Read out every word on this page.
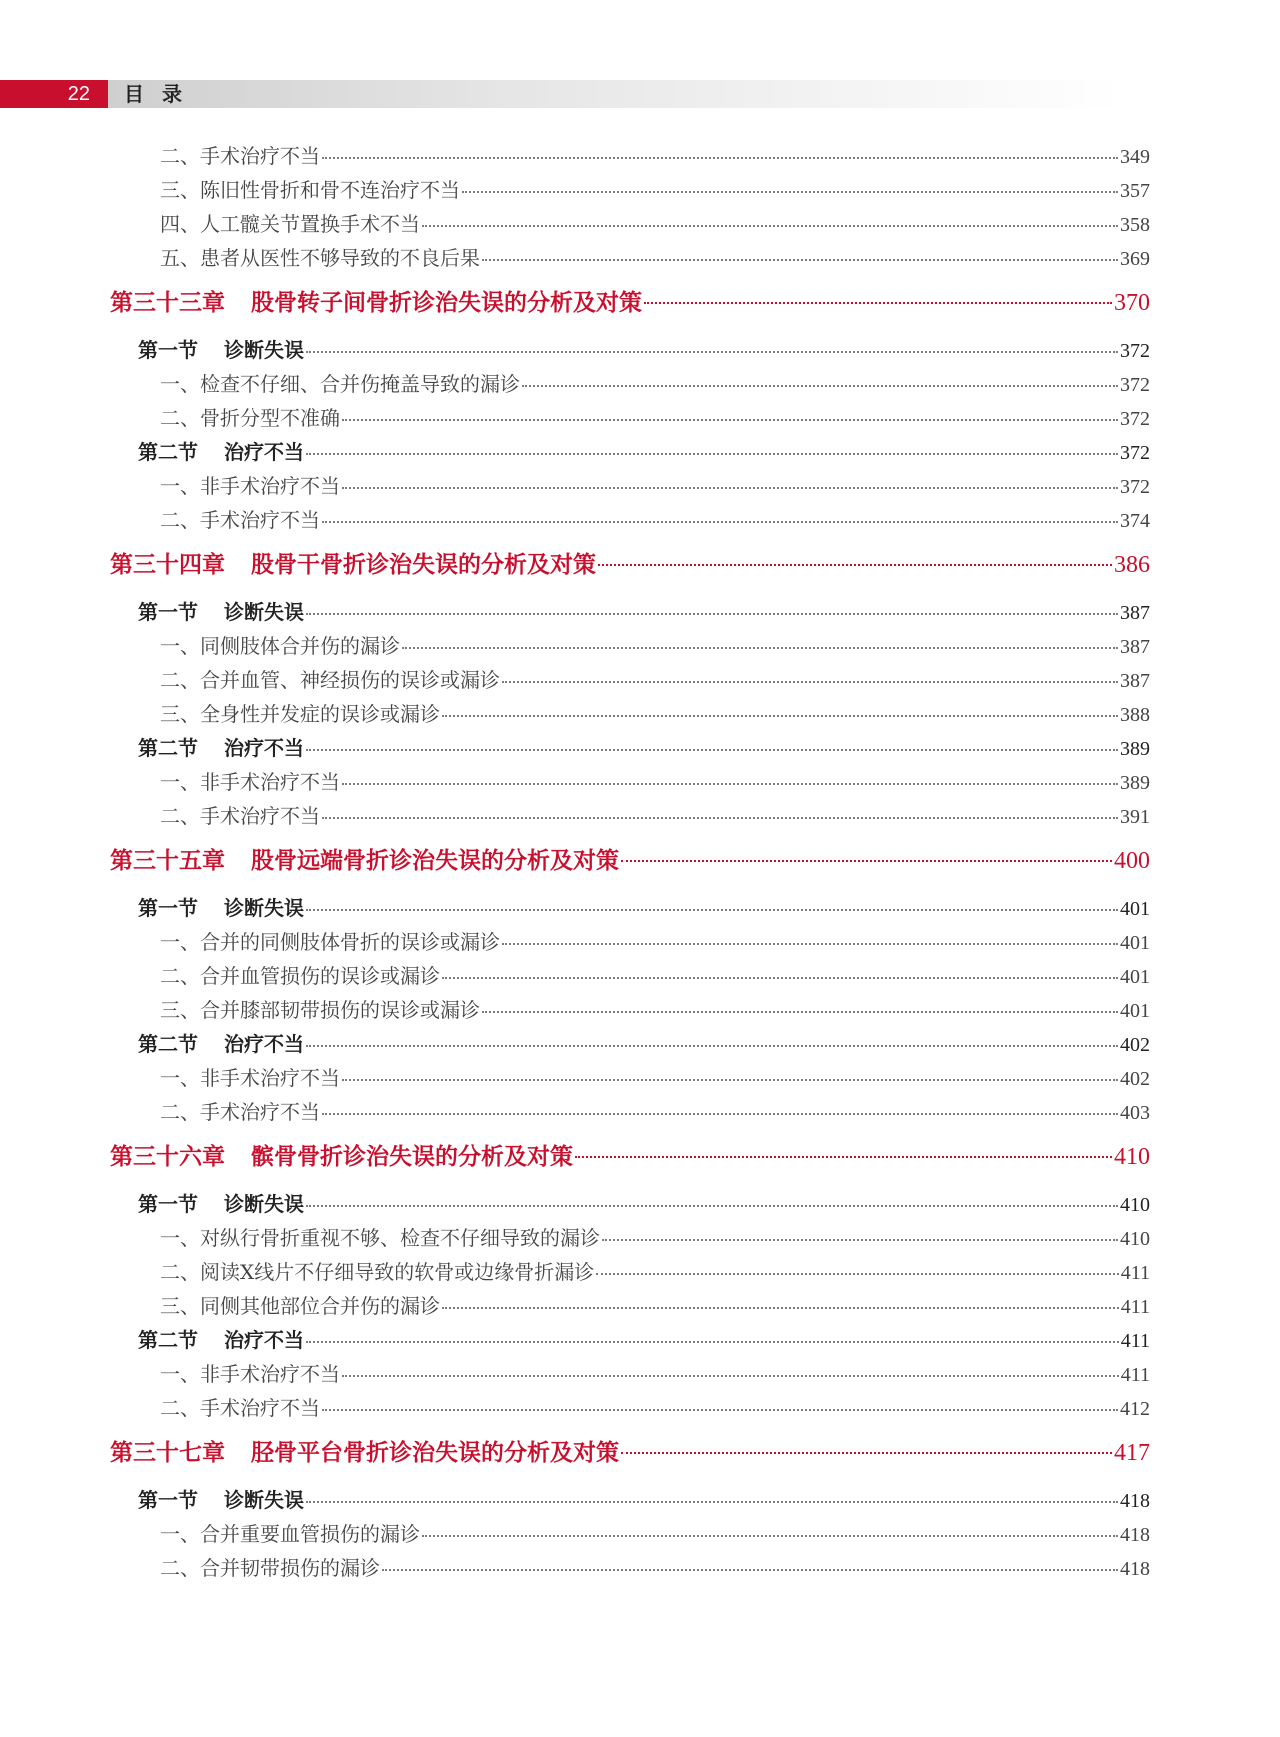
22	目录
二、手术治疗不当	349
三、陈旧性骨折和骨不连治疗不当	357
四、人工髋关节置换手术不当	358
五、患者从医性不够导致的不良后果	369
第三十三章 股骨转子间骨折诊治失误的分析及对策	370
第一节 诊断失误	372
一、检查不仔细、合并伤掩盖导致的漏诊	372
二、骨折分型不准确	372
第二节 治疗不当	372
一、非手术治疗不当	372
二、手术治疗不当	374
第三十四章 股骨干骨折诊治失误的分析及对策	386
第一节 诊断失误	387
一、同侧肢体合并伤的漏诊	387
二、合并血管、神经损伤的误诊或漏诊	387
三、全身性并发症的误诊或漏诊	388
第二节 治疗不当	389
一、非手术治疗不当	389
二、手术治疗不当	391
第三十五章 股骨远端骨折诊治失误的分析及对策	400
第一节 诊断失误	401
一、合并的同侧肢体骨折的误诊或漏诊	401
二、合并血管损伤的误诊或漏诊	401
三、合并膝部韧带损伤的误诊或漏诊	401
第二节 治疗不当	402
一、非手术治疗不当	402
二、手术治疗不当	403
第三十六章 髌骨骨折诊治失误的分析及对策	410
第一节 诊断失误	410
一、对纵行骨折重视不够、检查不仔细导致的漏诊	410
二、阅读X线片不仔细导致的软骨或边缘骨折漏诊	411
三、同侧其他部位合并伤的漏诊	411
第二节 治疗不当	411
一、非手术治疗不当	411
二、手术治疗不当	412
第三十七章 胫骨平台骨折诊治失误的分析及对策	417
第一节 诊断失误	418
一、合并重要血管损伤的漏诊	418
二、合并韧带损伤的漏诊	418
